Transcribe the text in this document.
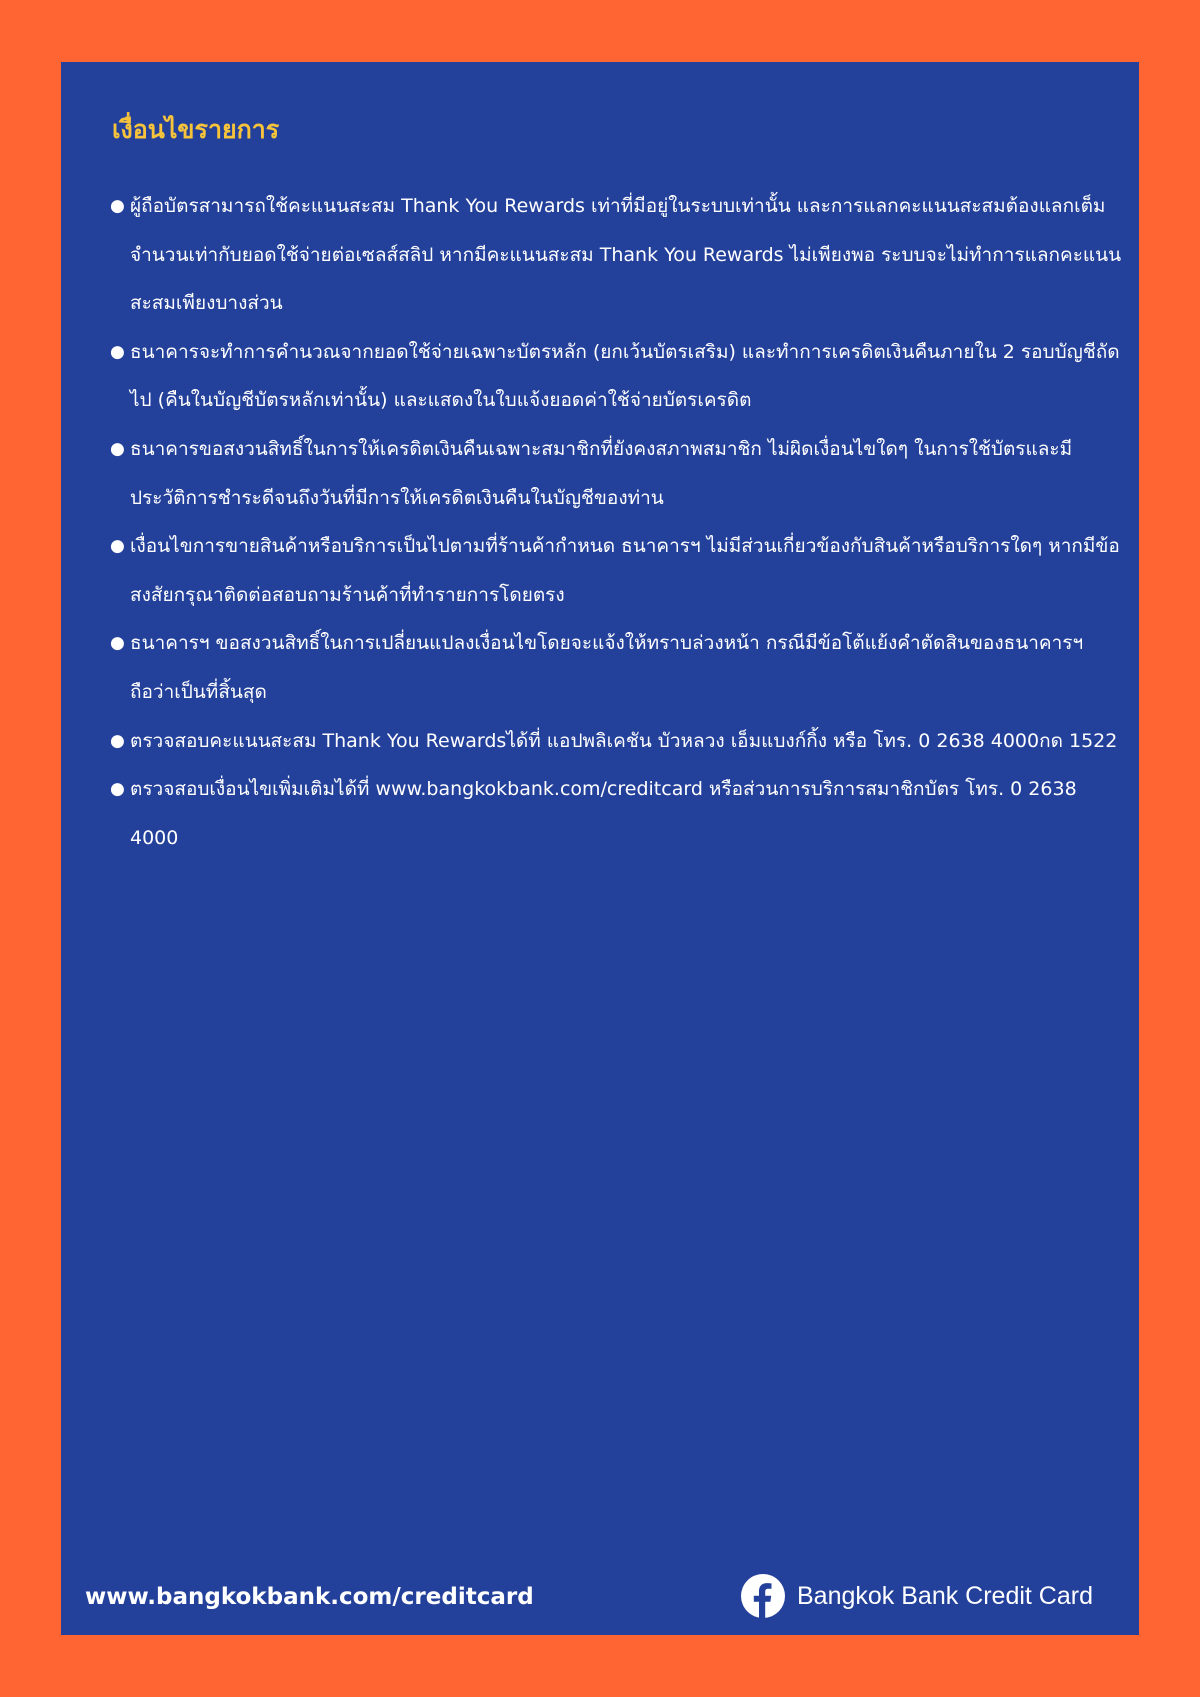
เงื่อนไขรายการ
● ผู้ถือบัตรสามารถใช้คะแนนสะสม Thank You Rewards เท่าที่มีอยู่ในระบบเท่านั้น และการแลกคะแนนสะสมต้องแลกเต็มจำนวนเท่ากับยอดใช้จ่ายต่อเซลส์สลิป หากมีคะแนนสะสม Thank You Rewards ไม่เพียงพอ ระบบจะไม่ทำการแลกคะแนนสะสมเพียงบางส่วน
● ธนาคารจะทำการคำนวณจากยอดใช้จ่ายเฉพาะบัตรหลัก (ยกเว้นบัตรเสริม) และทำการเครดิตเงินคืนภายใน 2 รอบบัญชีถัดไป (คืนในบัญชีบัตรหลักเท่านั้น) และแสดงในใบแจ้งยอดค่าใช้จ่ายบัตรเครดิต
● ธนาคารขอสงวนสิทธิ์ในการให้เครดิตเงินคืนเฉพาะสมาชิกที่ยังคงสภาพสมาชิก ไม่ผิดเงื่อนไขใดๆ ในการใช้บัตรและมีประวัติการชำระดีจนถึงวันที่มีการให้เครดิตเงินคืนในบัญชีของท่าน
● เงื่อนไขการขายสินค้าหรือบริการเป็นไปตามที่ร้านค้ากำหนด ธนาคารฯ ไม่มีส่วนเกี่ยวข้องกับสินค้าหรือบริการใดๆ หากมีข้อสงสัยกรุณาติดต่อสอบถามร้านค้าที่ทำรายการโดยตรง
● ธนาคารฯ ขอสงวนสิทธิ์ในการเปลี่ยนแปลงเงื่อนไขโดยจะแจ้งให้ทราบล่วงหน้า กรณีมีข้อโต้แย้งคำตัดสินของธนาคารฯ ถือว่าเป็นที่สิ้นสุด
● ตรวจสอบคะแนนสะสม Thank You Rewardsได้ที่ แอปพลิเคชัน บัวหลวง เอ็มแบงก์กิ้ง หรือ โทร. 0 2638 4000กด 1522
● ตรวจสอบเงื่อนไขเพิ่มเติมได้ที่ www.bangkokbank.com/creditcard หรือส่วนการบริการสมาชิกบัตร โทร. 0 2638 4000
www.bangkokbank.com/creditcard	Bangkok Bank Credit Card
